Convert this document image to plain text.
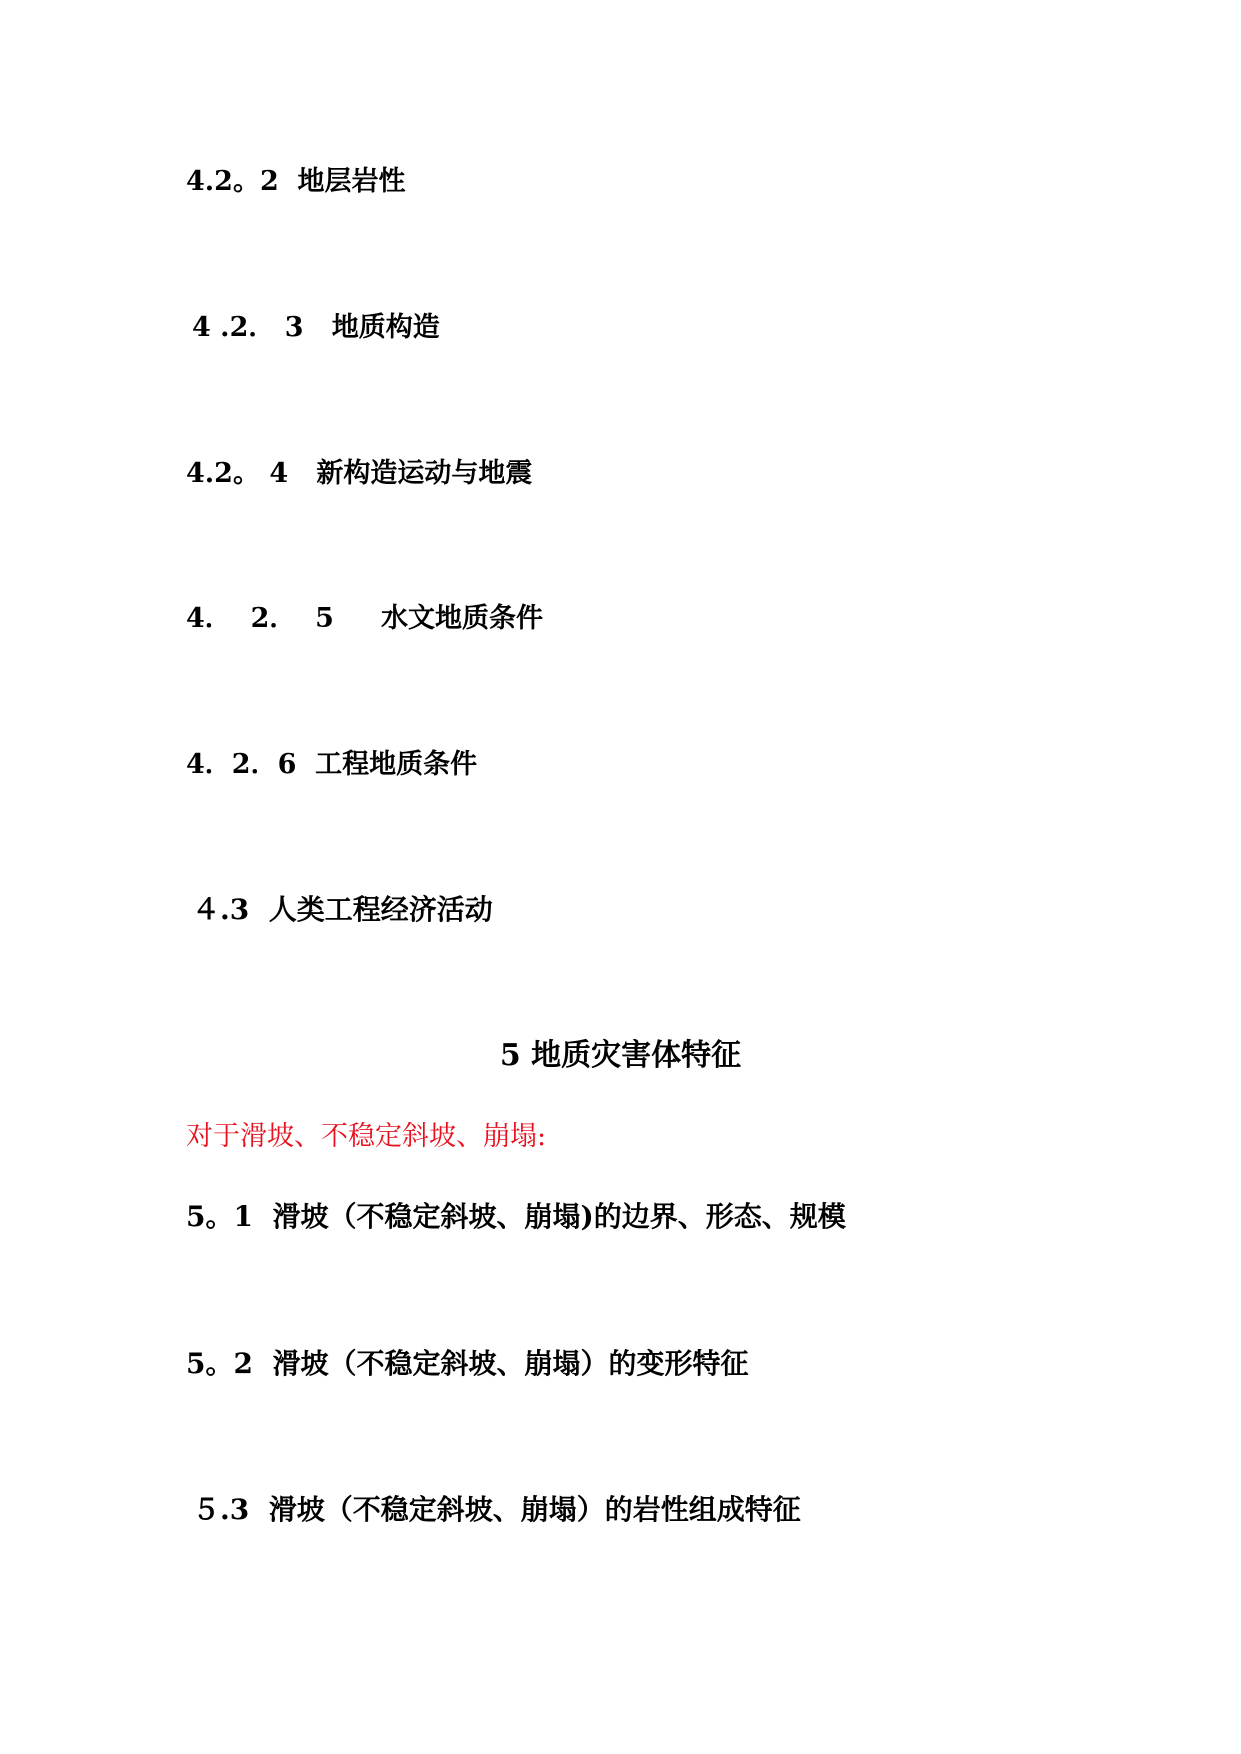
4.2。2  地层岩性
4 .2． 3   地质构造
4.2。 4   新构造运动与地震
4．  2．  5     水文地质条件
4．2．6  工程地质条件
４.3  人类工程经济活动
5 地质灾害体特征
对于滑坡、不稳定斜坡、崩塌:
5。1  滑坡（不稳定斜坡、崩塌)的边界、形态、规模
5。2  滑坡（不稳定斜坡、崩塌）的变形特征
５.3  滑坡（不稳定斜坡、崩塌）的岩性组成特征
